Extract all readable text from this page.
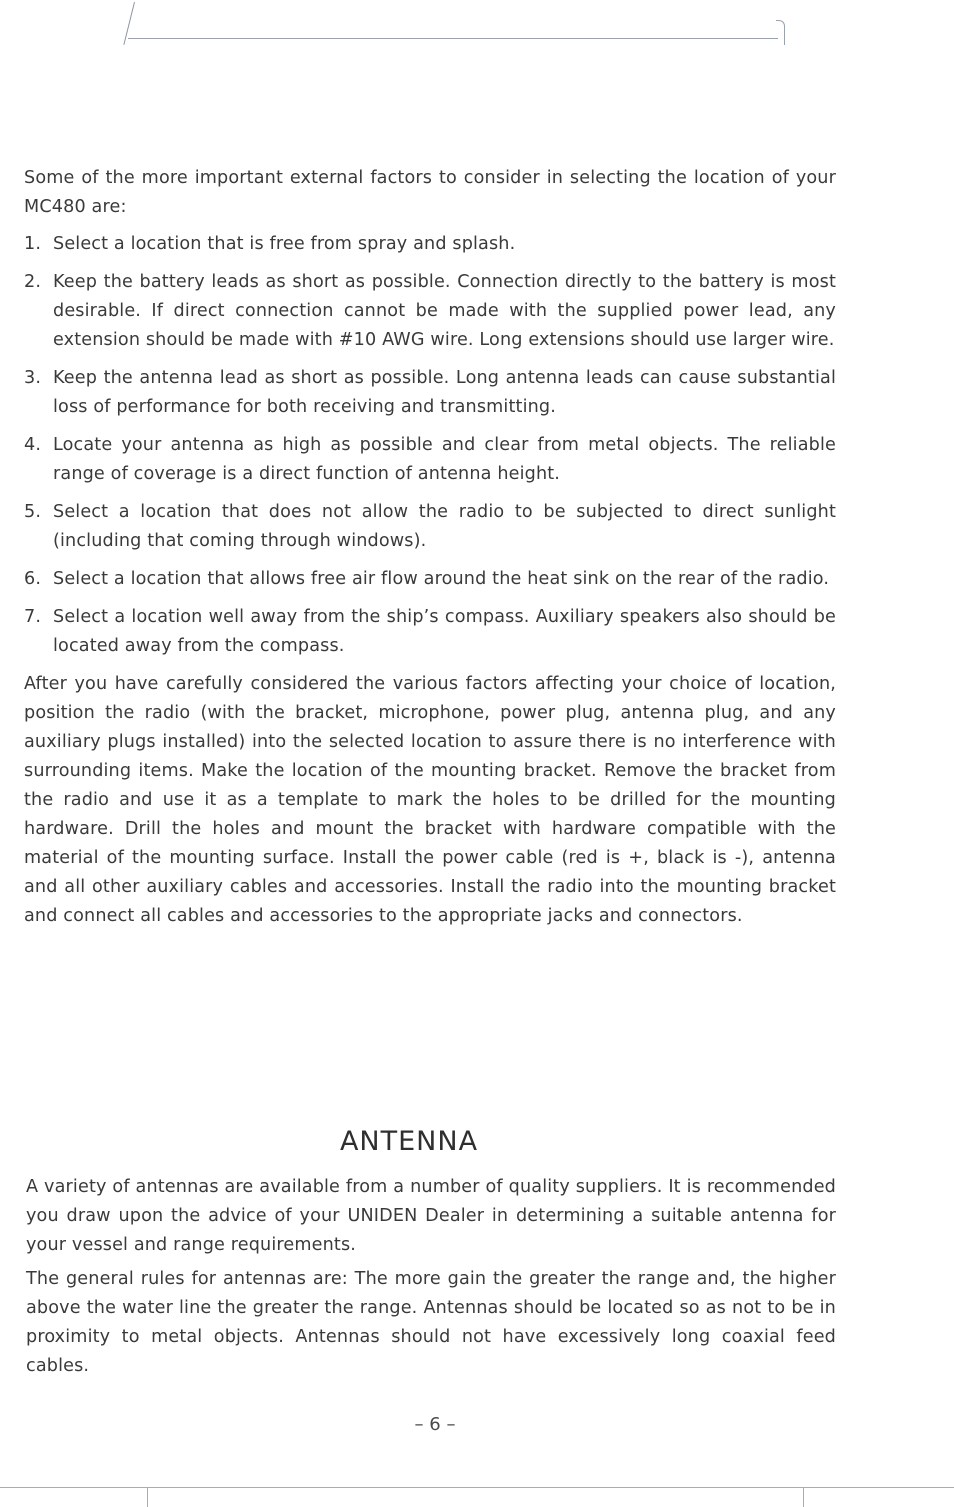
Some of the more important external factors to consider in selecting the location of your MC480 are:

1. Select a location that is free from spray and splash.
2. Keep the battery leads as short as possible. Connection directly to the battery is most desirable. If direct connection cannot be made with the supplied power lead, any extension should be made with #10 AWG wire. Long extensions should use larger wire.
3. Keep the antenna lead as short as possible. Long antenna leads can cause substantial loss of performance for both receiving and transmitting.
4. Locate your antenna as high as possible and clear from metal objects. The reliable range of coverage is a direct function of antenna height.
5. Select a location that does not allow the radio to be subjected to direct sunlight (including that coming through windows).
6. Select a location that allows free air flow around the heat sink on the rear of the radio.
7. Select a location well away from the ship’s compass. Auxiliary speakers also should be located away from the compass.

After you have carefully considered the various factors affecting your choice of location, position the radio (with the bracket, microphone, power plug, antenna plug, and any auxiliary plugs installed) into the selected location to assure there is no interference with surrounding items. Make the location of the mounting bracket. Remove the bracket from the radio and use it as a template to mark the holes to be drilled for the mounting hardware. Drill the holes and mount the bracket with hardware compatible with the material of the mounting surface. Install the power cable (red is +, black is -), antenna and all other auxiliary cables and accessories. Install the radio into the mounting bracket and connect all cables and accessories to the appropriate jacks and connectors.

ANTENNA

A variety of antennas are available from a number of quality suppliers. It is recommended you draw upon the advice of your UNIDEN Dealer in determining a suitable antenna for your vessel and range requirements.

The general rules for antennas are: The more gain the greater the range and, the higher above the water line the greater the range. Antennas should be located so as not to be in proximity to metal objects. Antennas should not have excessively long coaxial feed cables.

– 6 –
